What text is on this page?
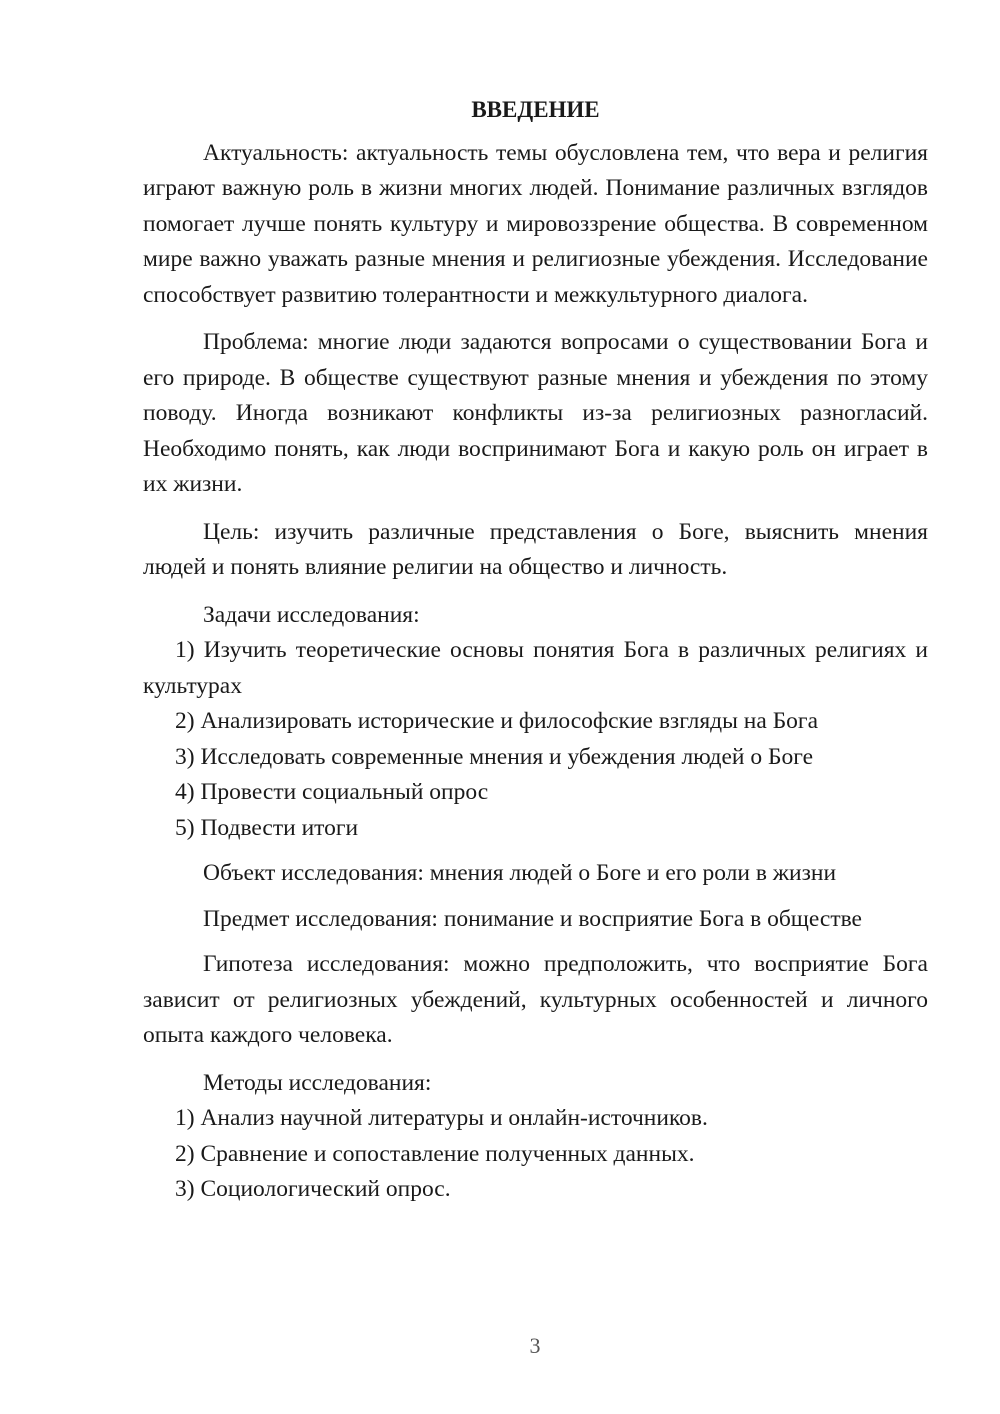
ВВЕДЕНИЕ

Актуальность: актуальность темы обусловлена тем, что вера и религия играют важную роль в жизни многих людей. Понимание различных взглядов помогает лучше понять культуру и мировоззрение общества. В современном мире важно уважать разные мнения и религиозные убеждения. Исследование способствует развитию толерантности и межкультурного диалога.

Проблема: многие люди задаются вопросами о существовании Бога и его природе. В обществе существуют разные мнения и убеждения по этому поводу. Иногда возникают конфликты из-за религиозных разногласий. Необходимо понять, как люди воспринимают Бога и какую роль он играет в их жизни.

Цель: изучить различные представления о Боге, выяснить мнения людей и понять влияние религии на общество и личность.

Задачи исследования:

1) Изучить теоретические основы понятия Бога в различных религиях и культурах

2) Анализировать исторические и философские взгляды на Бога

3) Исследовать современные мнения и убеждения людей о Боге

4) Провести социальный опрос

5) Подвести итоги

Объект исследования: мнения людей о Боге и его роли в жизни

Предмет исследования: понимание и восприятие Бога в обществе

Гипотеза исследования: можно предположить, что восприятие Бога зависит от религиозных убеждений, культурных особенностей и личного опыта каждого человека.

Методы исследования:

1) Анализ научной литературы и онлайн-источников.

2) Сравнение и сопоставление полученных данных.

3) Социологический опрос.

3
